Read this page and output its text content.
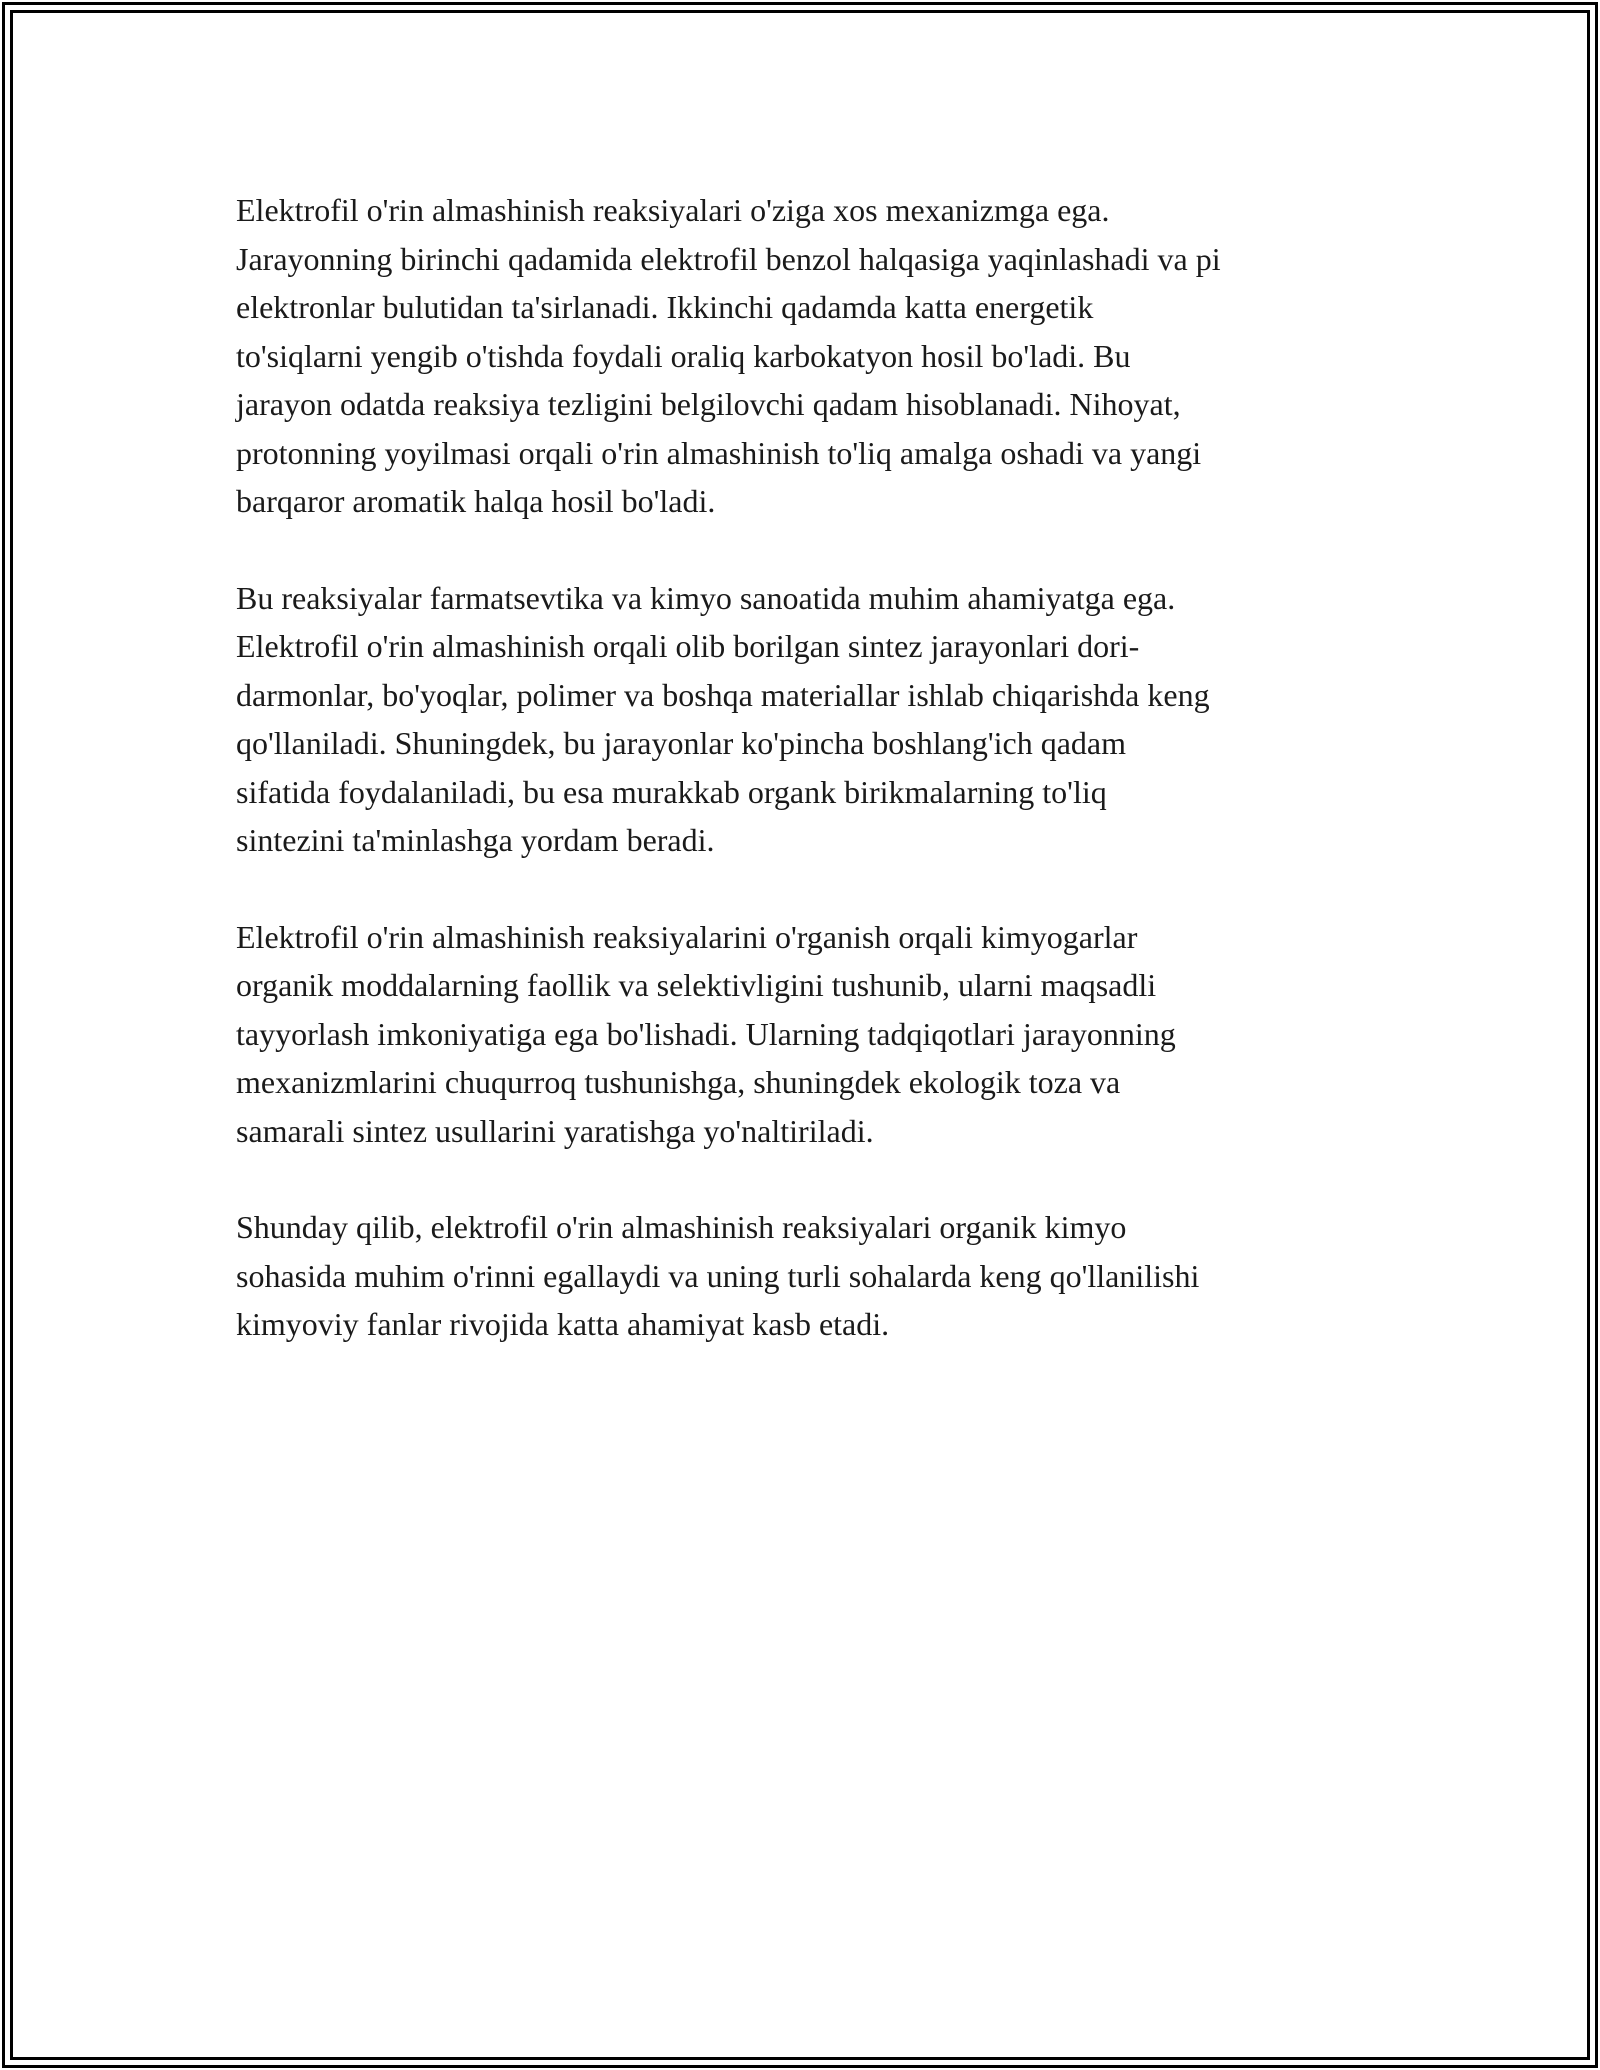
Elektrofil o'rin almashinish reaksiyalari o'ziga xos mexanizmga ega.
Jarayonning birinchi qadamida elektrofil benzol halqasiga yaqinlashadi va pi
elektronlar bulutidan ta'sirlanadi. Ikkinchi qadamda katta energetik
to'siqlarni yengib o'tishda foydali oraliq karbokatyon hosil bo'ladi. Bu
jarayon odatda reaksiya tezligini belgilovchi qadam hisoblanadi. Nihoyat,
protonning yoyilmasi orqali o'rin almashinish to'liq amalga oshadi va yangi
barqaror aromatik halqa hosil bo'ladi.

Bu reaksiyalar farmatsevtika va kimyo sanoatida muhim ahamiyatga ega.
Elektrofil o'rin almashinish orqali olib borilgan sintez jarayonlari dori-
darmonlar, bo'yoqlar, polimer va boshqa materiallar ishlab chiqarishda keng
qo'llaniladi. Shuningdek, bu jarayonlar ko'pincha boshlang'ich qadam
sifatida foydalaniladi, bu esa murakkab organk birikmalarning to'liq
sintezini ta'minlashga yordam beradi.

Elektrofil o'rin almashinish reaksiyalarini o'rganish orqali kimyogarlar
organik moddalarning faollik va selektivligini tushunib, ularni maqsadli
tayyorlash imkoniyatiga ega bo'lishadi. Ularning tadqiqotlari jarayonning
mexanizmlarini chuqurroq tushunishga, shuningdek ekologik toza va
samarali sintez usullarini yaratishga yo'naltiriladi.

Shunday qilib, elektrofil o'rin almashinish reaksiyalari organik kimyo
sohasida muhim o'rinni egallaydi va uning turli sohalarda keng qo'llanilishi
kimyoviy fanlar rivojida katta ahamiyat kasb etadi.
